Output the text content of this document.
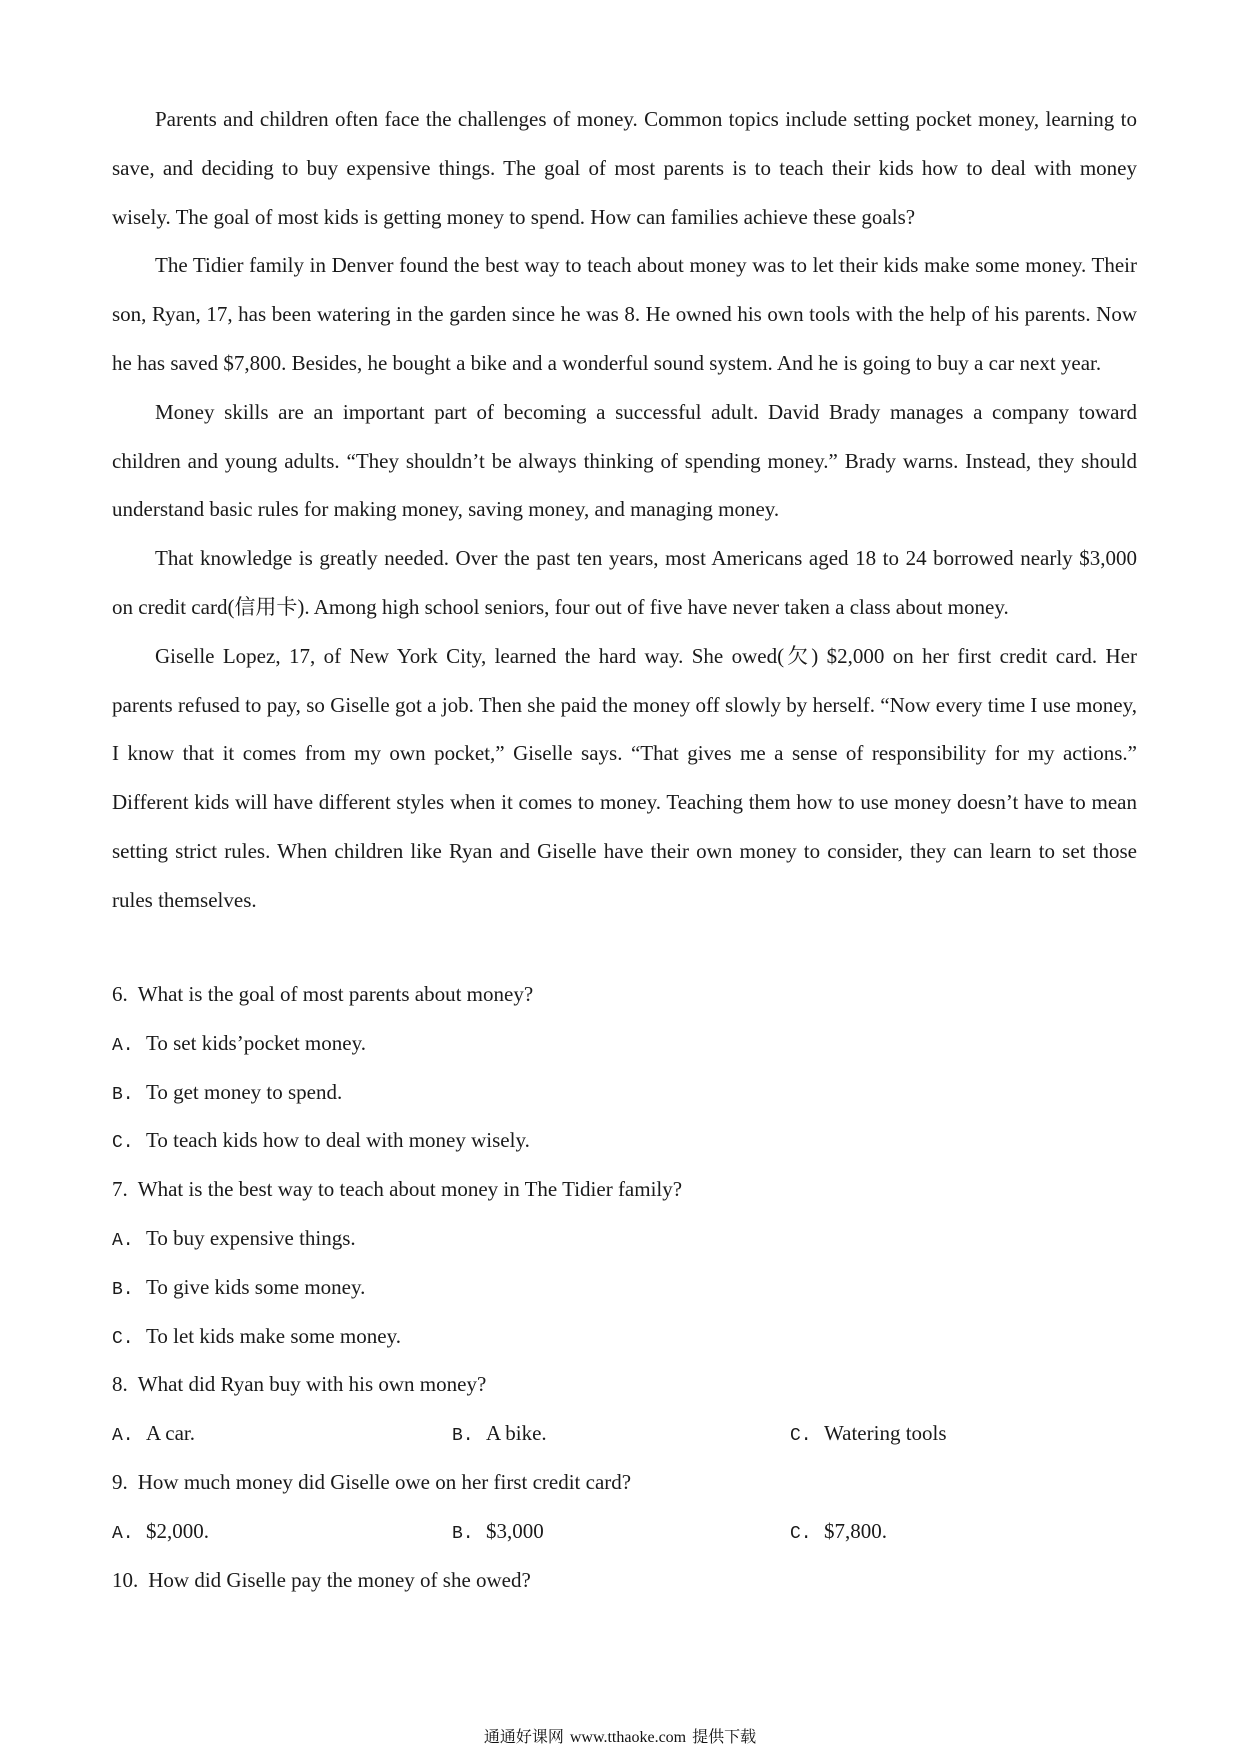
Parents and children often face the challenges of money. Common topics include setting pocket money, learning to save, and deciding to buy expensive things. The goal of most parents is to teach their kids how to deal with money wisely. The goal of most kids is getting money to spend. How can families achieve these goals?

The Tidier family in Denver found the best way to teach about money was to let their kids make some money. Their son, Ryan, 17, has been watering in the garden since he was 8. He owned his own tools with the help of his parents. Now he has saved $7,800. Besides, he bought a bike and a wonderful sound system. And he is going to buy a car next year.

Money skills are an important part of becoming a successful adult. David Brady manages a company toward children and young adults. “They shouldn’t be always thinking of spending money.” Brady warns. Instead, they should understand basic rules for making money, saving money, and managing money.

That knowledge is greatly needed. Over the past ten years, most Americans aged 18 to 24 borrowed nearly $3,000 on credit card(信用卡). Among high school seniors, four out of five have never taken a class about money.

Giselle Lopez, 17, of New York City, learned the hard way. She owed(欠) $2,000 on her first credit card. Her parents refused to pay, so Giselle got a job. Then she paid the money off slowly by herself. “Now every time I use money, I know that it comes from my own pocket,” Giselle says. “That gives me a sense of responsibility for my actions.” Different kids will have different styles when it comes to money. Teaching them how to use money doesn’t have to mean setting strict rules. When children like Ryan and Giselle have their own money to consider, they can learn to set those rules themselves.

6. What is the goal of most parents about money?
A. To set kids’pocket money.
B. To get money to spend.
C. To teach kids how to deal with money wisely.
7. What is the best way to teach about money in The Tidier family?
A. To buy expensive things.
B. To give kids some money.
C. To let kids make some money.
8. What did Ryan buy with his own money?
A. A car.	B. A bike.	C. Watering tools
9. How much money did Giselle owe on her first credit card?
A. $2,000.	B. $3,000	C. $7,800.
10. How did Giselle pay the money of she owed?
通通好课网 www.tthaoke.com 提供下载
